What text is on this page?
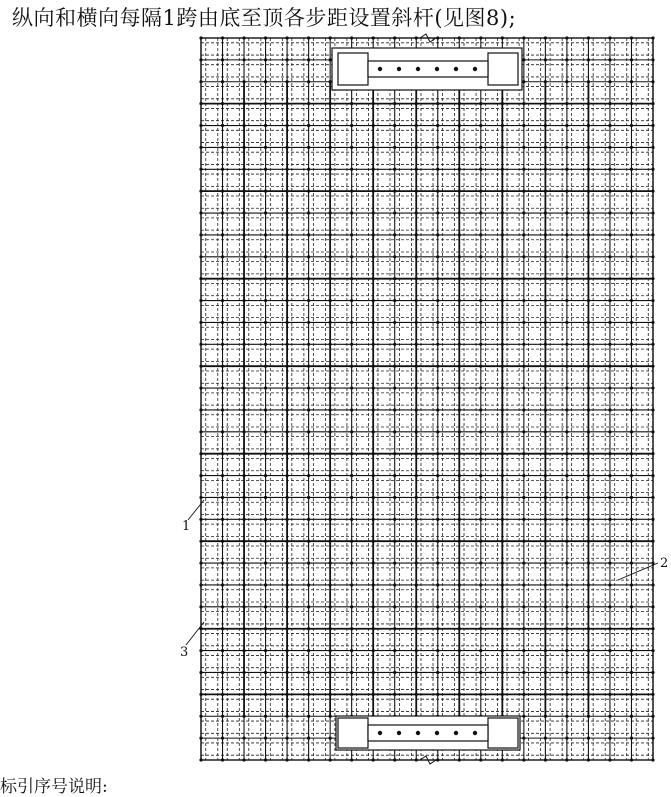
纵向和横向每隔1跨由底至顶各步距设置斜杆(见图8);
1
2
3
标引序号说明:
